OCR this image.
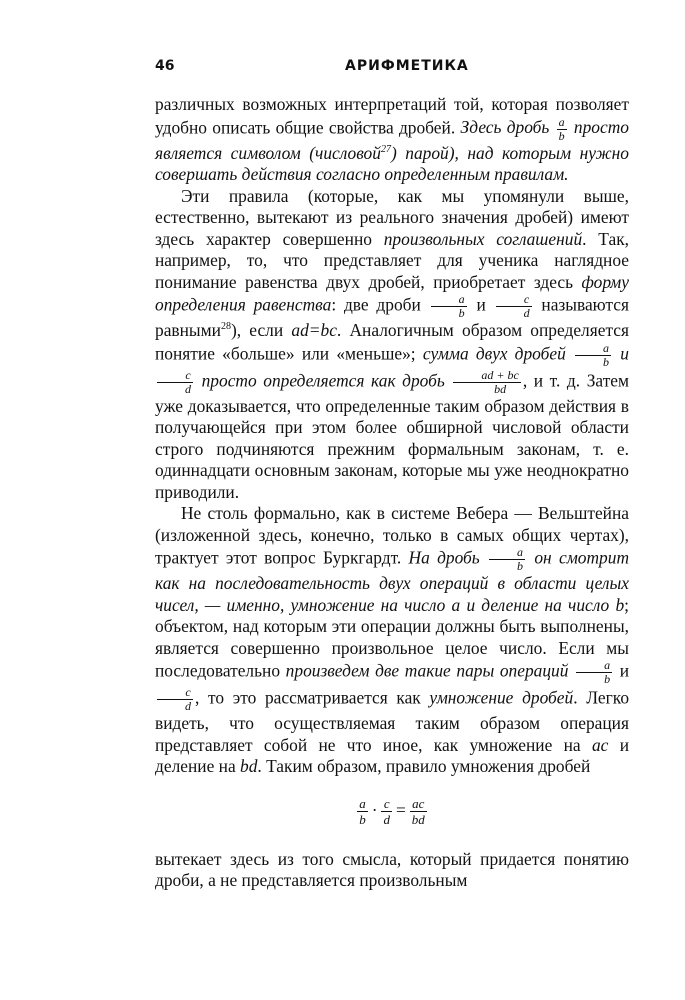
46	АРИФМЕТИКА

различных возможных интерпретаций той, которая позволяет удобно описать общие свойства дробей. Здесь дробь $\frac{a}{b}$ просто является символом (числовой$^{27}$) парой), над которым нужно совершать действия согласно определенным правилам.

Эти правила (которые, как мы упомянули выше, естественно, вытекают из реального значения дробей) имеют здесь характер совершенно произвольных соглашений. Так, например, то, что представляет для ученика наглядное понимание равенства двух дробей, приобретает здесь форму определения равенства: две дроби $\frac{a}{b}$ и $\frac{c}{d}$ называются равными$^{28}$), если ad=bc. Аналогичным образом определяется понятие «больше» или «меньше»; сумма двух дробей $\frac{a}{b}$ и
$\frac{c}{d}$ просто определяется как дробь $\frac{ad + bc}{bd}$ , и т. д. Затем уже доказывается, что определенные таким образом действия в получающейся при этом более обширной числовой области строго подчиняются прежним формальным законам, т. е. одиннадцати основным законам, которые мы уже неоднократно приводили.

Не столь формально, как в системе Вебера — Вельштейна (изложенной здесь, конечно, только в самых общих чертах), трактует этот вопрос Буркгардт. На дробь $\frac{a}{b}$ он смотрит как на последовательность двух операций в области целых чисел, — именно, умножение на число a и деление на число b; объектом, над которым эти операции должны быть выполнены, является совершенно произвольное целое число. Если мы последовательно произведем две такие пары операций $\frac{a}{b}$ и
$\frac{c}{d}$ , то это рассматривается как умножение дробей. Легко видеть, что осуществляемая таким образом операция представляет собой не что иное, как умножение на ac и деление на bd. Таким образом, правило умножения дробей

$\frac{a}{b} \cdot \frac{c}{d} = \frac{ac}{bd}$

вытекает здесь из того смысла, который придается понятию дроби, а не представляется произвольным
